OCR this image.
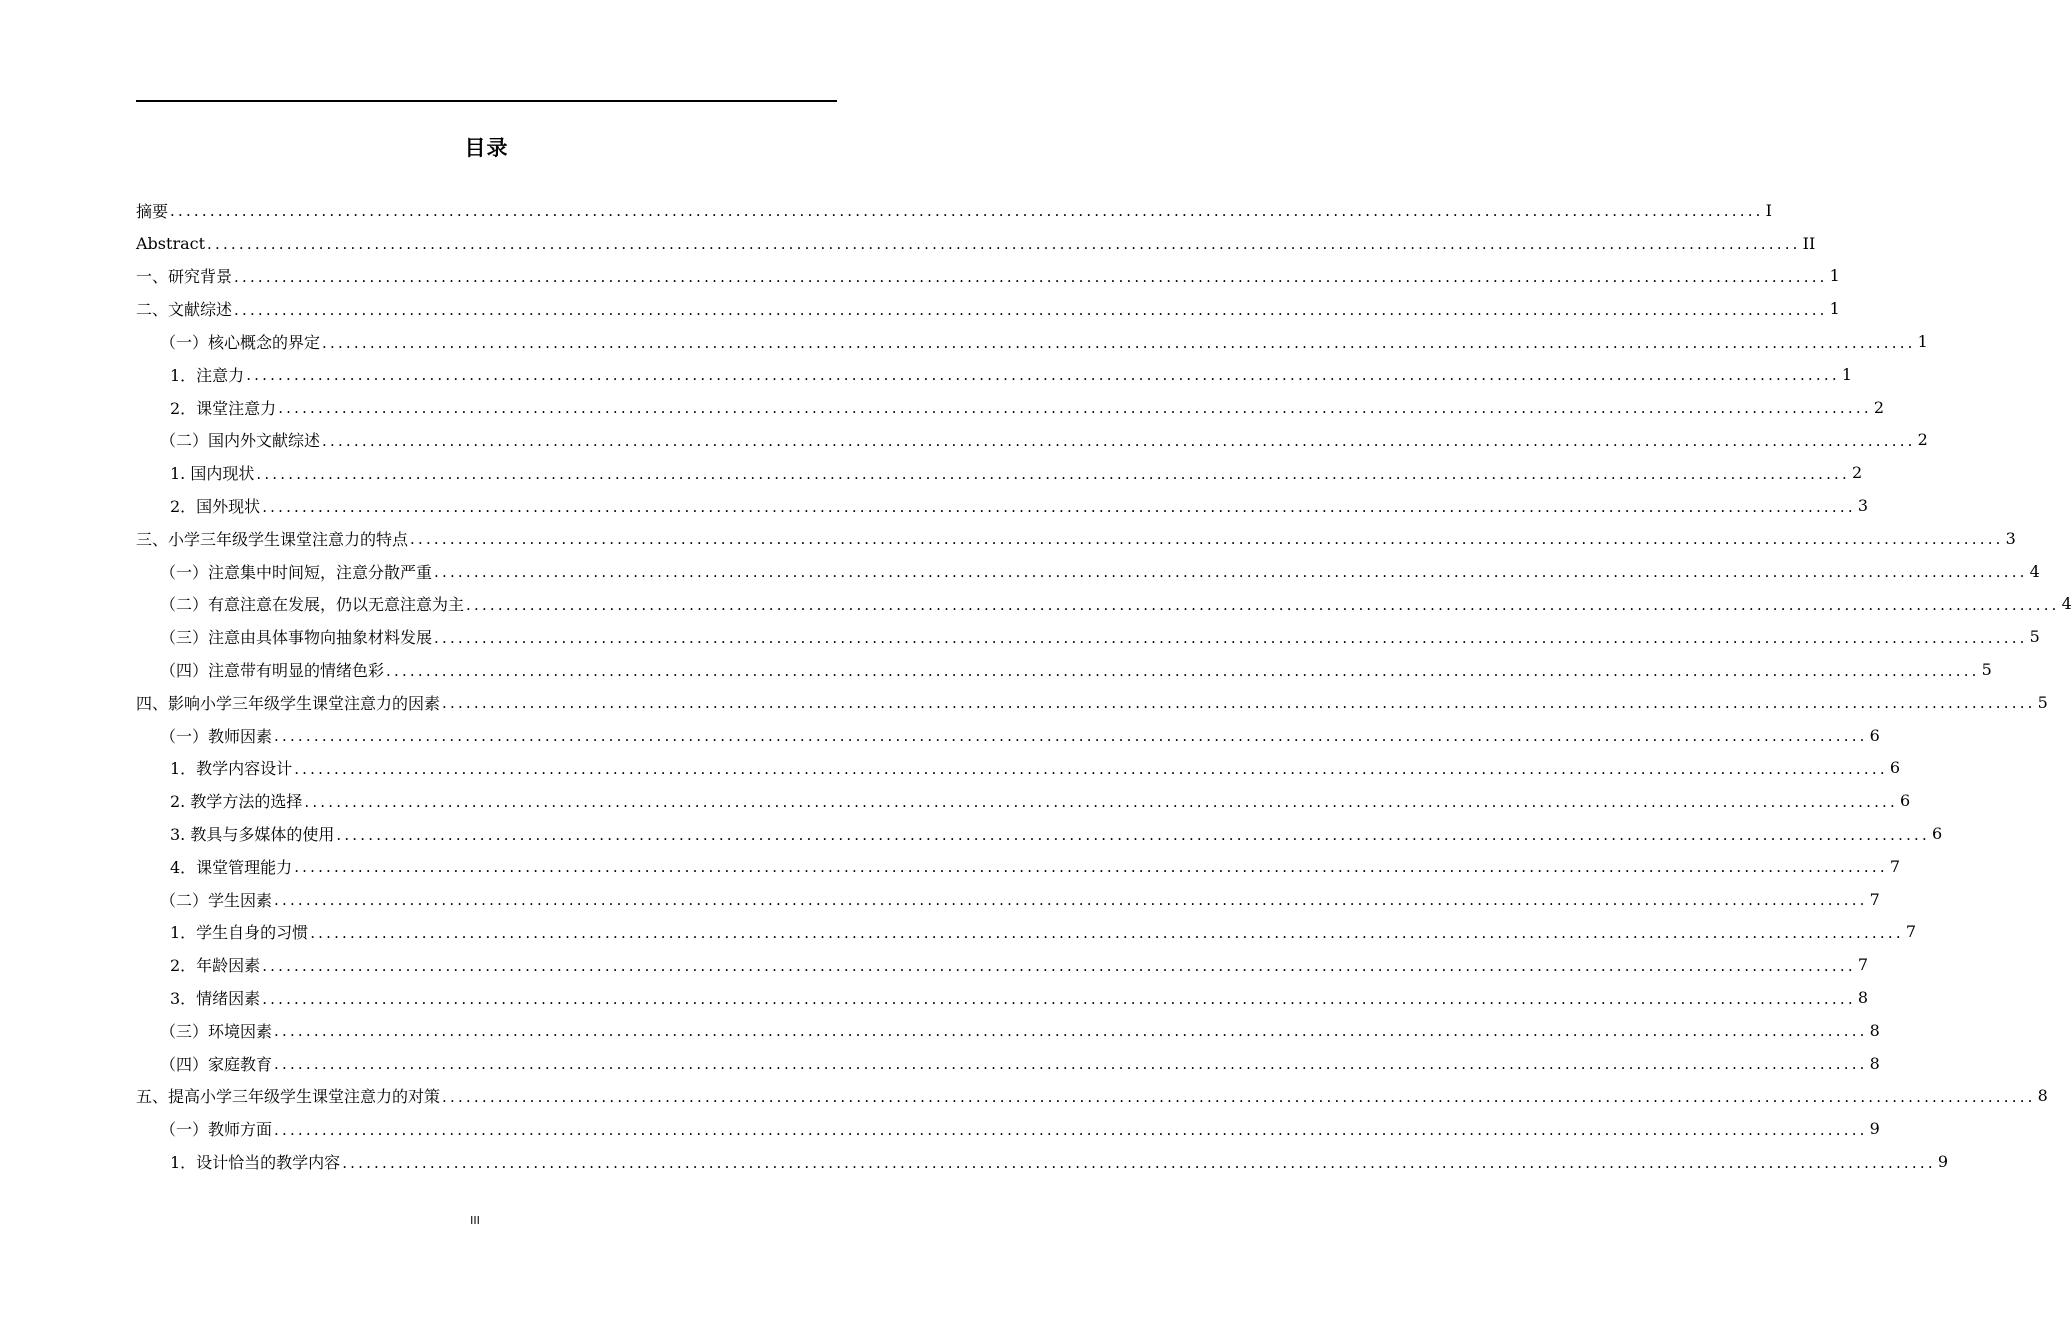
目录
摘要 ........................................................................................................................................................................................................ I
Abstract ........................................................................................................................................................................................................ II
一、研究背景 ........................................................................................................................................................................................................ 1
二、文献综述 ........................................................................................................................................................................................................ 1
（一）核心概念的界定 ........................................................................................................................................................................................................ 1
1．注意力 ........................................................................................................................................................................................................ 1
2．课堂注意力 ........................................................................................................................................................................................................ 2
（二）国内外文献综述 ........................................................................................................................................................................................................ 2
1. 国内现状 ........................................................................................................................................................................................................ 2
2．国外现状 ........................................................................................................................................................................................................ 3
三、小学三年级学生课堂注意力的特点 ........................................................................................................................................................................................................ 3
（一）注意集中时间短，注意分散严重 ........................................................................................................................................................................................................ 4
（二）有意注意在发展，仍以无意注意为主 ........................................................................................................................................................................................................ 4
（三）注意由具体事物向抽象材料发展 ........................................................................................................................................................................................................ 5
（四）注意带有明显的情绪色彩 ........................................................................................................................................................................................................ 5
四、影响小学三年级学生课堂注意力的因素 ........................................................................................................................................................................................................ 5
（一）教师因素 ........................................................................................................................................................................................................ 6
1．教学内容设计 ........................................................................................................................................................................................................ 6
2. 教学方法的选择 ........................................................................................................................................................................................................ 6
3. 教具与多媒体的使用 ........................................................................................................................................................................................................ 6
4．课堂管理能力 ........................................................................................................................................................................................................ 7
（二）学生因素 ........................................................................................................................................................................................................ 7
1．学生自身的习惯 ........................................................................................................................................................................................................ 7
2．年龄因素 ........................................................................................................................................................................................................ 7
3．情绪因素 ........................................................................................................................................................................................................ 8
（三）环境因素 ........................................................................................................................................................................................................ 8
（四）家庭教育 ........................................................................................................................................................................................................ 8
五、提高小学三年级学生课堂注意力的对策 ........................................................................................................................................................................................................ 8
（一）教师方面 ........................................................................................................................................................................................................ 9
1．设计恰当的教学内容 ........................................................................................................................................................................................................ 9
III
